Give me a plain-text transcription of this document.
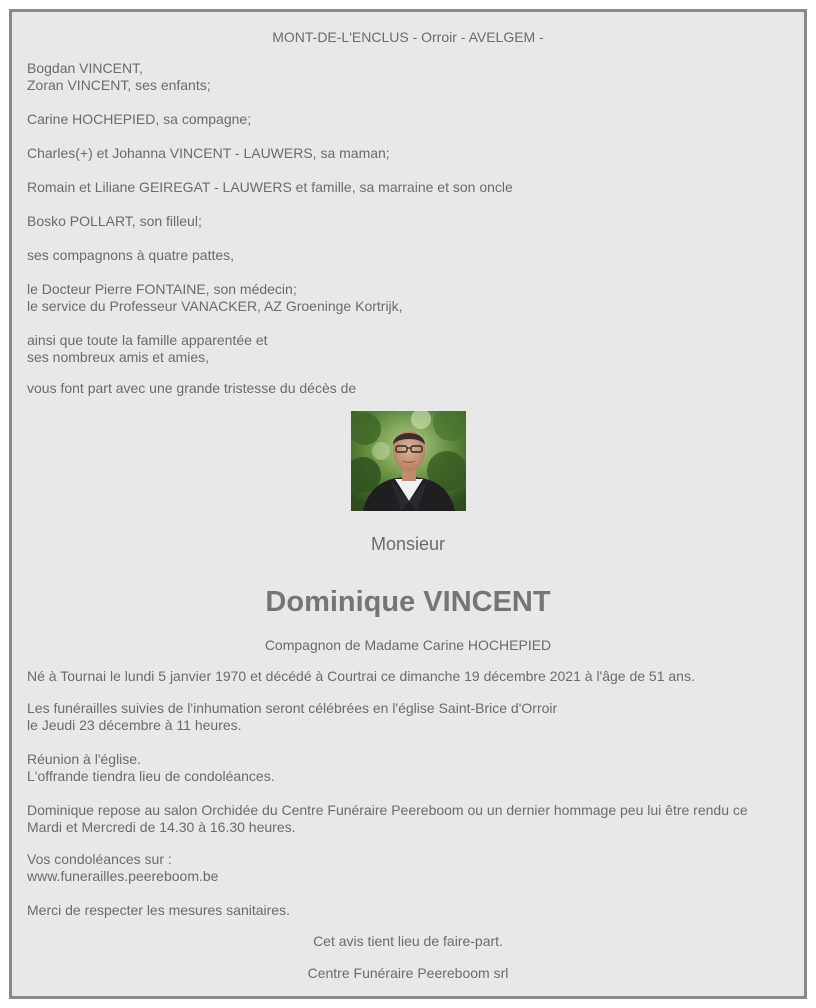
MONT-DE-L'ENCLUS - Orroir - AVELGEM -
Bogdan VINCENT,
Zoran VINCENT, ses enfants;
Carine HOCHEPIED, sa compagne;
Charles(+) et Johanna VINCENT - LAUWERS, sa maman;
Romain et Liliane GEIREGAT - LAUWERS et famille, sa marraine et son oncle
Bosko POLLART, son filleul;
ses compagnons à quatre pattes,
le Docteur Pierre FONTAINE, son médecin;
le service du Professeur VANACKER, AZ Groeninge Kortrijk,
ainsi que toute la famille apparentée et
ses nombreux amis et amies,
vous font part avec une grande tristesse du décès de
Monsieur
Dominique VINCENT
Compagnon de Madame Carine HOCHEPIED
Né à Tournai le lundi 5 janvier 1970 et décédé à Courtrai ce dimanche 19 décembre 2021 à l'âge de 51 ans.
Les funérailles suivies de l'inhumation seront célébrées en l'église Saint-Brice d'Orroir
le Jeudi 23 décembre à 11 heures.
Réunion à l'église.
L'offrande tiendra lieu de condoléances.
Dominique repose au salon Orchidée du Centre Funéraire Peereboom ou un dernier hommage peu lui être rendu ce
Mardi et Mercredi de 14.30 à 16.30 heures.
Vos condoléances sur :
www.funerailles.peereboom.be
Merci de respecter les mesures sanitaires.
Cet avis tient lieu de faire-part.
Centre Funéraire Peereboom srl
